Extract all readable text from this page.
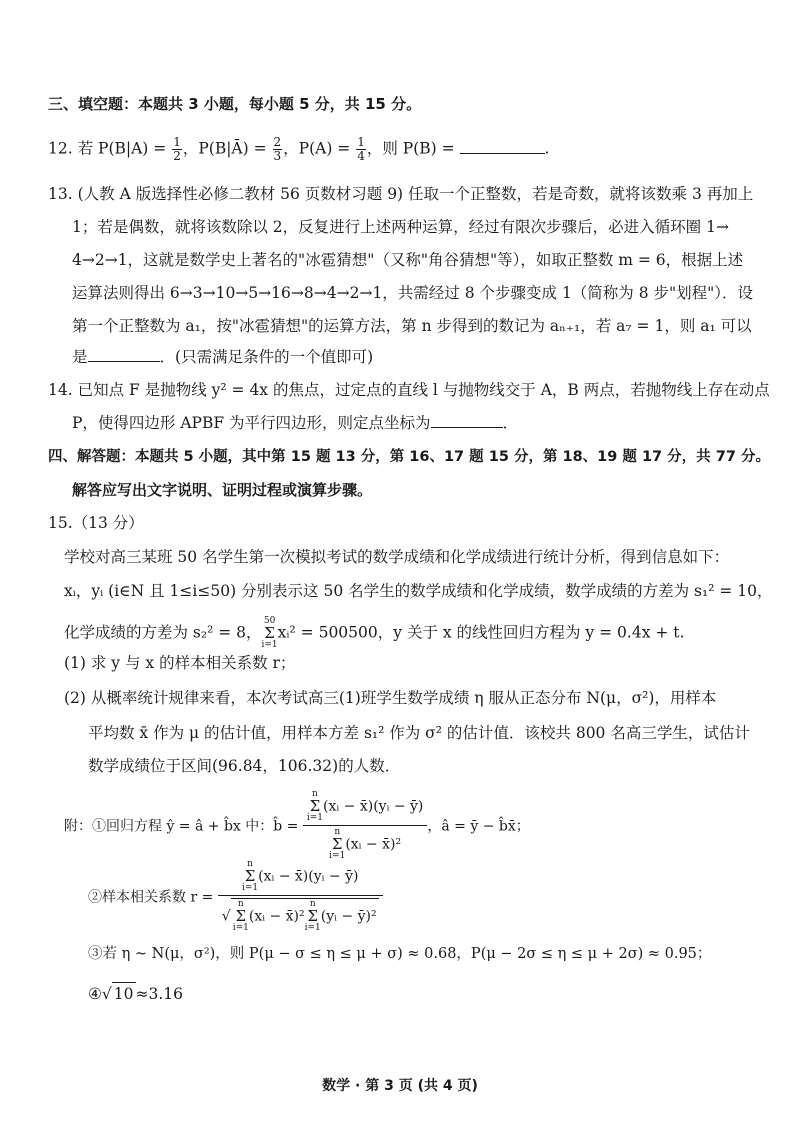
三、填空题：本题共 3 小题，每小题 5 分，共 15 分。
12. 若 $P(B|A) = \frac{1}{2}$ ，P(B|Ā) = $\frac{2}{3}$ ，$P(A) = \frac{1}{4}$ ，则 P(B) =	.
13. (人教 A 版选择性必修二教材 56 页数材习题 9) 任取一个正整数，若是奇数，就将该数乘 3 再加上
1；若是偶数，就将该数除以 2，反复进行上述两种运算，经过有限次步骤后，必进入循环圈 1→
4→2→1，这就是数学史上著名的"冰雹猜想"（又称"角谷猜想"等），如取正整数 m = 6，根据上述
运算法则得出 6→3→10→5→16→8→4→2→1，共需经过 8 个步骤变成 1（简称为 8 步"划程"）．设
第一个正整数为 a₁，按"冰雹猜想"的运算方法，第 n 步得到的数记为 aₙ₊₁，若 a₇ = 1，则 a₁ 可以
是	．(只需满足条件的一个值即可)
14. 已知点 F 是抛物线 y² = 4x 的焦点，过定点的直线 l 与抛物线交于 A，B 两点，若抛物线上存在动点
P，使得四边形 APBF 为平行四边形，则定点坐标为	．
四、解答题：本题共 5 小题，其中第 15 题 13 分，第 16、17 题 15 分，第 18、19 题 17 分，共 77 分。
解答应写出文字说明、证明过程或演算步骤。
15.（13 分）
学校对高三某班 50 名学生第一次模拟考试的数学成绩和化学成绩进行统计分析，得到信息如下：
xᵢ，yᵢ (i∈N 且 1≤i≤50) 分别表示这 50 名学生的数学成绩和化学成绩，数学成绩的方差为 s₁² = 10，
化学成绩的方差为 s₂² = 8，50
Σ
i=1xᵢ² = 500500，y 关于 x 的线性回归方程为 y = 0.4x + t.
(1) 求 y 与 x 的样本相关系数 r；
(2) 从概率统计规律来看，本次考试高三(1)班学生数学成绩 η 服从正态分布 N(μ，σ²)，用样本
平均数 x̄ 作为 μ 的估计值，用样本方差 s₁² 作为 σ² 的估计值．该校共 800 名高三学生，试估计
数学成绩位于区间(96.84，106.32)的人数．
附：①回归方程 ŷ = â + b̂x 中：b̂ = n
Σ
i=1(xᵢ − x̄)(yᵢ − ȳ)
n
Σ
i=1(xᵢ − x̄)² ，â = ȳ − b̂x̄；
②样本相关系数 r = n
Σ
i=1(xᵢ − x̄)(yᵢ − ȳ)
√n
Σ
i=1(xᵢ − x̄)²n
Σ
i=1(yᵢ − ȳ)²
③若 η ~ N(μ，σ²)，则 P(μ − σ ≤ η ≤ μ + σ) ≈ 0.68，P(μ − 2σ ≤ η ≤ μ + 2σ) ≈ 0.95；
④√ 10 ≈3.16
数学 · 第 3 页 (共 4 页)
